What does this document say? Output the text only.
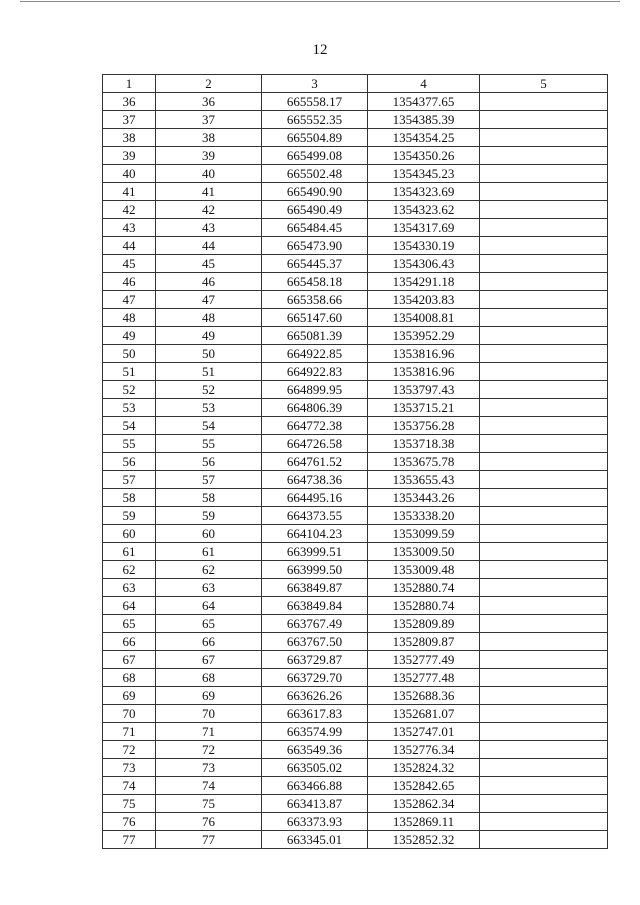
12
1	2	3	4	5
36	36	665558.17	1354377.65	
37	37	665552.35	1354385.39	
38	38	665504.89	1354354.25	
39	39	665499.08	1354350.26	
40	40	665502.48	1354345.23	
41	41	665490.90	1354323.69	
42	42	665490.49	1354323.62	
43	43	665484.45	1354317.69	
44	44	665473.90	1354330.19	
45	45	665445.37	1354306.43	
46	46	665458.18	1354291.18	
47	47	665358.66	1354203.83	
48	48	665147.60	1354008.81	
49	49	665081.39	1353952.29	
50	50	664922.85	1353816.96	
51	51	664922.83	1353816.96	
52	52	664899.95	1353797.43	
53	53	664806.39	1353715.21	
54	54	664772.38	1353756.28	
55	55	664726.58	1353718.38	
56	56	664761.52	1353675.78	
57	57	664738.36	1353655.43	
58	58	664495.16	1353443.26	
59	59	664373.55	1353338.20	
60	60	664104.23	1353099.59	
61	61	663999.51	1353009.50	
62	62	663999.50	1353009.48	
63	63	663849.87	1352880.74	
64	64	663849.84	1352880.74	
65	65	663767.49	1352809.89	
66	66	663767.50	1352809.87	
67	67	663729.87	1352777.49	
68	68	663729.70	1352777.48	
69	69	663626.26	1352688.36	
70	70	663617.83	1352681.07	
71	71	663574.99	1352747.01	
72	72	663549.36	1352776.34	
73	73	663505.02	1352824.32	
74	74	663466.88	1352842.65	
75	75	663413.87	1352862.34	
76	76	663373.93	1352869.11	
77	77	663345.01	1352852.32	
